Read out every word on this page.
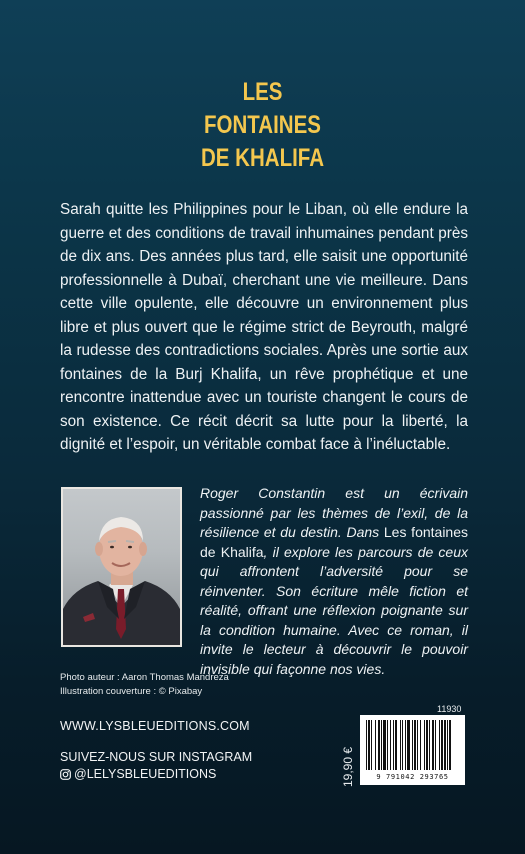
LES
FONTAINES
DE KHALIFA
Sarah quitte les Philippines pour le Liban, où elle endure la guerre et des conditions de travail inhumaines pendant près de dix ans. Des années plus tard, elle saisit une opportunité professionnelle à Dubaï, cherchant une vie meilleure. Dans cette ville opulente, elle découvre un environnement plus libre et plus ouvert que le régime strict de Beyrouth, malgré la rudesse des contradictions sociales. Après une sortie aux fontaines de la Burj Khalifa, un rêve prophétique et une rencontre inattendue avec un touriste changent le cours de son existence. Ce récit décrit sa lutte pour la liberté, la dignité et l’espoir, un véritable combat face à l’inéluctable.
Roger Constantin est un écrivain passionné par les thèmes de l’exil, de la résilience et du destin. Dans Les fontaines de Khalifa, il explore les parcours de ceux qui affrontent l’adversité pour se réinventer. Son écriture mêle fiction et réalité, offrant une réflexion poignante sur la condition humaine. Avec ce roman, il invite le lecteur à découvrir le pouvoir invisible qui façonne nos vies.
Photo auteur : Aaron Thomas Mandreza
Illustration couverture : © Pixabay
WWW.LYSBLEUEDITIONS.COM
SUIVEZ-NOUS SUR INSTAGRAM
@LELYSBLEUEDITIONS
11930
19,90 €	9 791042 293765
